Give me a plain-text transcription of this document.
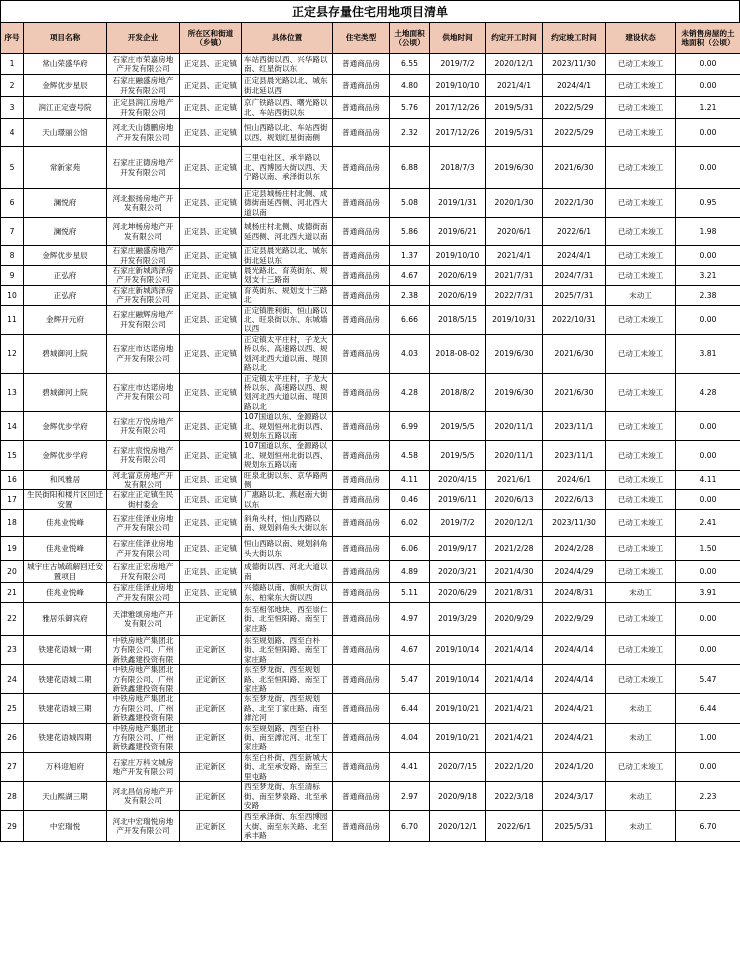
正定县存量住宅用地项目清单
序号	项目名称	开发企业	所在区和街道（乡镇）	具体位置	住宅类型	土地面积（公顷）	供地时间	约定开工时间	约定竣工时间	建设状态	未销售房屋的土地面积（公顷）
1	常山荣盛华府	石家庄市荣嘉房地产开发有限公司	正定县、正定镇	车站西街以西、兴华路以南、红星街以东	普通商品房	6.55	2019/7/2	2020/12/1	2023/11/30	已动工未竣工	0.00
2	金辉优步星辰	石家庄融盛房地产开发有限公司	正定县、正定镇	正定县晨光路以北、城东街北延以西	普通商品房	4.80	2019/10/10	2021/4/1	2024/4/1	已动工未竣工	0.00
3	润江正定壹号院	正定县润江房地产开发有限公司	正定县、正定镇	京广铁路以西、曙光路以北、车站西街以东	普通商品房	5.76	2017/12/26	2019/5/31	2022/5/29	已动工未竣工	1.21
4	天山璟丽公馆	河北天山德鹏房地产开发有限公司	正定县、正定镇	恒山西路以北、车站西街以西、规划红星街南侧	普通商品房	2.32	2017/12/26	2019/5/31	2022/5/29	已动工未竣工	0.00
5	常新家苑	石家庄正德房地产开发有限公司	正定县、正定镇	三里屯社区、承半路以北、西博园大街以西、天宁路以南、承泽街以东	普通商品房	6.88	2018/7/3	2019/6/30	2021/6/30	已动工未竣工	0.00
6	澜悦府	河北振扬房地产开发有限公司	正定县、正定镇	正定县城杨庄村北侧、成德街南延西侧、河北西大道以南	普通商品房	5.08	2019/1/31	2020/1/30	2022/1/30	已动工未竣工	0.95
7	澜悦府	河北坤杨房地产开发有限公司	正定县、正定镇	城杨庄村北侧、成德街南延西侧、河北西大道以南	普通商品房	5.86	2019/6/21	2020/6/1	2022/6/1	已动工未竣工	1.98
8	金辉优步星辰	石家庄融盛房地产开发有限公司	正定县、正定镇	正定县晨光路以北、城东街北延以东	普通商品房	1.37	2019/10/10	2021/4/1	2024/4/1	已动工未竣工	0.00
9	正弘府	石家庄新城鸿泽房产开发有限公司	正定县、正定镇	晨光路北、育英街东、规划支十三路南	普通商品房	4.67	2020/6/19	2021/7/31	2024/7/31	已动工未竣工	3.21
10	正弘府	石家庄新城鸿泽房产开发有限公司	正定县、正定镇	育英街东、规划支十三路北	普通商品房	2.38	2020/6/19	2022/7/31	2025/7/31	未动工	2.38
11	金辉开元府	石家庄融辉房地产开发有限公司	正定县、正定镇	正定镇胜利街、恒山路以北、旺泉街以东、东城墙以西	普通商品房	6.66	2018/5/15	2019/10/31	2022/10/31	已动工未竣工	0.00
12	碧城御河上院	石家庄市达诺房地产开发有限公司	正定县、正定镇	正定镇太平庄村，子龙大桥以东、高速路以西、规划河北西大道以南、堤顶路以北	普通商品房	4.03	2018-08-02	2019/6/30	2021/6/30	已动工未竣工	3.81
13	碧城御河上院	石家庄市达诺房地产开发有限公司	正定县、正定镇	正定镇太平庄村，子龙大桥以东、高速路以西、规划河北西大道以南、堤顶路以北	普通商品房	4.28	2018/8/2	2019/6/30	2021/6/30	已动工未竣工	4.28
14	金辉优步学府	石家庄万悦房地产开发有限公司	正定县、正定镇	107国道以东、金源路以北、规划恒州北街以西、规划东五路以南	普通商品房	6.99	2019/5/5	2020/11/1	2023/11/1	已动工未竣工	0.00
15	金辉优步学府	石家庄宸悦房地产开发有限公司	正定县、正定镇	107国道以东、金源路以北、规划恒州北街以西、规划东五路以南	普通商品房	4.58	2019/5/5	2020/11/1	2023/11/1	已动工未竣工	0.00
16	和风雅居	河北富京房地产开发有限公司	正定县、正定镇	旺泉北街以东、京华路两侧	普通商品房	4.11	2020/4/15	2021/6/1	2024/6/1	已动工未竣工	4.11
17	生民街阳和楼片区回迁安置	石家庄正定镇生民街村委会	正定县、正定镇	广惠路以北、燕赵南大街以东	普通商品房	0.46	2019/6/11	2020/6/13	2022/6/13	已动工未竣工	0.00
18	佳兆业悦峰	石家庄佳泽业房地产开发有限公司	正定县、正定镇	斜角头村，恒山西路以南、规划斜角头大街以东	普通商品房	6.02	2019/7/2	2020/12/1	2023/11/30	已动工未竣工	2.41
19	佳兆业悦峰	石家庄佳泽业房地产开发有限公司	正定县、正定镇	恒山西路以南、规划斜角头大街以东	普通商品房	6.06	2019/9/17	2021/2/28	2024/2/28	已动工未竣工	1.50
20	城宇庄古城疏解回迁安置项目	石家庄正宏房地产开发有限公司	正定县、正定镇	成德街以西、河北大道以南	普通商品房	4.89	2020/3/21	2021/4/30	2024/4/29	已动工未竣工	0.00
21	佳兆业悦峰	石家庄佳泽业房地产开发有限公司	正定县、正定镇	兴德路以南、旗帜大街以东、柏棠东大街以西	普通商品房	5.11	2020/6/29	2021/8/31	2024/8/31	未动工	3.91
22	雅居乐御宾府	天津雅颂房地产开发有限公司	正定新区	东至相邻地块、西至崇仁街、北至恒阳路、南至丁家庄路	普通商品房	4.97	2019/3/29	2020/9/29	2022/9/29	已动工未竣工	0.00
23	铁建花语城一期	中铁房地产集团北方有限公司、广州新铁鑫建投资有限	正定新区	东至规划路、西至白朴街、北至恒阳路、南至丁家庄路	普通商品房	4.67	2019/10/14	2021/4/14	2024/4/14	已动工未竣工	0.00
24	铁建花语城二期	中铁房地产集团北方有限公司、广州新铁鑫建投资有限	正定新区	东至梦龙街、西至规划路、北至恒阳路、南至丁家庄路	普通商品房	5.47	2019/10/14	2021/4/14	2024/4/14	已动工未竣工	5.47
25	铁建花语城三期	中铁房地产集团北方有限公司、广州新铁鑫建投资有限	正定新区	东至梦龙街、西至规划路、北至丁家庄路、南至滹沱河	普通商品房	6.44	2019/10/21	2021/4/21	2024/4/21	未动工	6.44
26	铁建花语城四期	中铁房地产集团北方有限公司、广州新铁鑫建投资有限	正定新区	东至规划路、西至白朴街、南至滹沱河、北至丁家庄路	普通商品房	4.04	2019/10/21	2021/4/21	2024/4/21	未动工	1.00
27	万科迎旭府	石家庄万科文城房地产开发有限公司	正定新区	东至白朴街、西至新城大街、北至承安路、南至三里屯路	普通商品房	4.41	2020/7/15	2022/1/20	2024/1/20	已动工未竣工	0.00
28	天山熙湖三期	河北昌信房地产开发有限公司	正定新区	西至梦龙街、东至清标街、南至梦泉路、北至承安路	普通商品房	2.97	2020/9/18	2022/3/18	2024/3/17	未动工	2.23
29	中宏瑞悦	河北中宏瑞悦房地产开发有限公司	正定新区	西至承泽街、东至西博园大街、南至东关路、北至承丰路	普通商品房	6.70	2020/12/1	2022/6/1	2025/5/31	未动工	6.70
